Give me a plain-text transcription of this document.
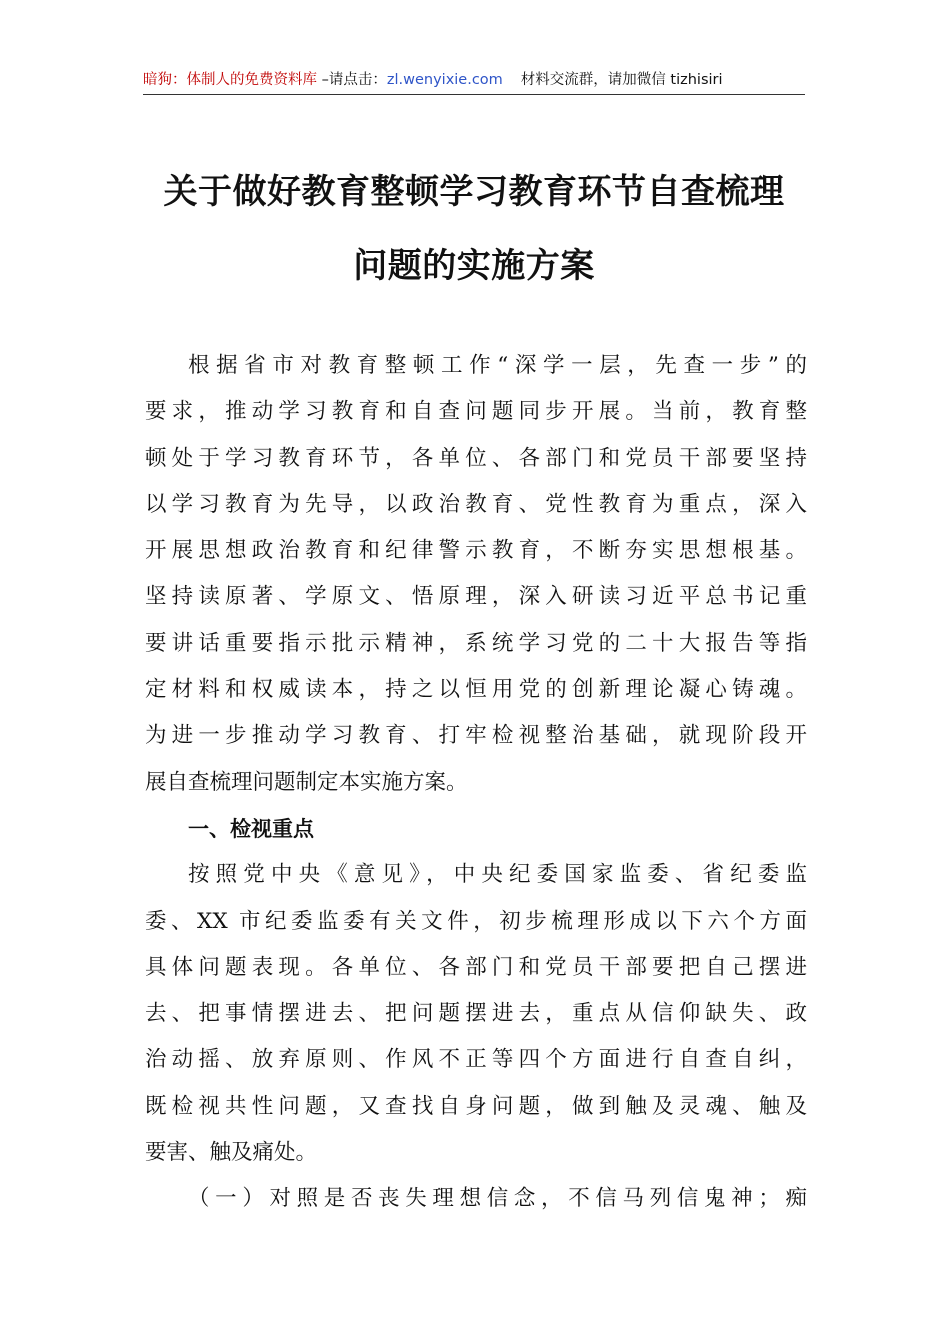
暗狗：体制人的免费资料库 –请点击：zl.wenyixie.com 材料交流群，请加微信 tizhisiri
关于做好教育整顿学习教育环节自查梳理
问题的实施方案
根据省市对教育整顿工作“深学一层，先查一步”的
要求，推动学习教育和自查问题同步开展。当前，教育整
顿处于学习教育环节，各单位、各部门和党员干部要坚持
以学习教育为先导，以政治教育、党性教育为重点，深入
开展思想政治教育和纪律警示教育，不断夯实思想根基。
坚持读原著、学原文、悟原理，深入研读习近平总书记重
要讲话重要指示批示精神，系统学习党的二十大报告等指
定材料和权威读本，持之以恒用党的创新理论凝心铸魂。
为进一步推动学习教育、打牢检视整治基础，就现阶段开
展自查梳理问题制定本实施方案。
一、检视重点
按照党中央《意见》，中央纪委国家监委、省纪委监
委、XX 市纪委监委有关文件，初步梳理形成以下六个方面
具体问题表现。各单位、各部门和党员干部要把自己摆进
去、把事情摆进去、把问题摆进去，重点从信仰缺失、政
治动摇、放弃原则、作风不正等四个方面进行自查自纠，
既检视共性问题，又查找自身问题，做到触及灵魂、触及
要害、触及痛处。
（一）对照是否丧失理想信念，不信马列信鬼神；痴
